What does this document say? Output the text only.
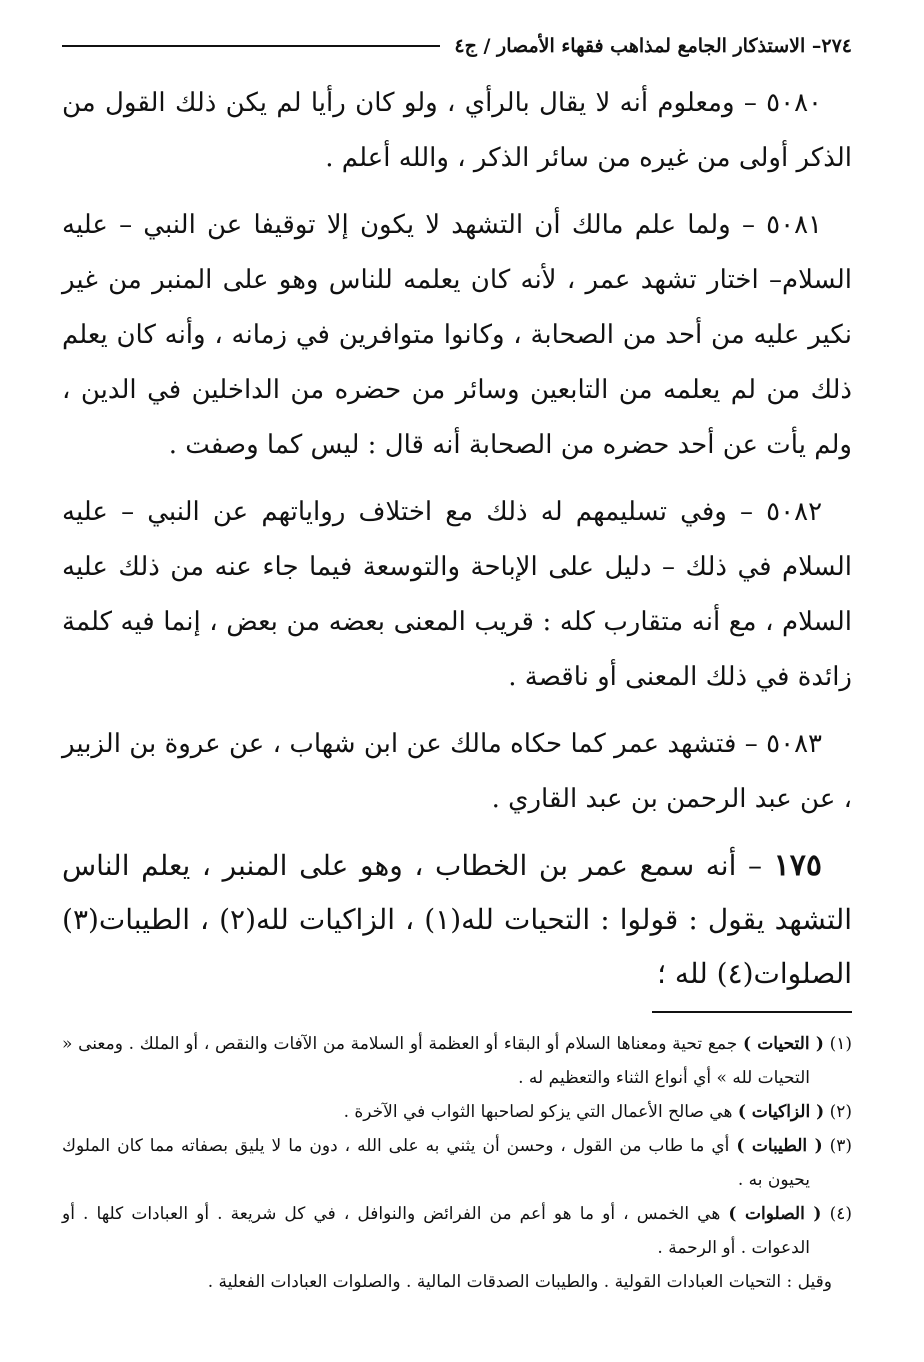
٢٧٤– الاستذكار الجامع لمذاهب فقهاء الأمصار / ج٤

٥٠٨٠ – ومعلوم أنه لا يقال بالرأي ، ولو كان رأيا لم يكن ذلك القول من الذكر أولى من غيره من سائر الذكر ، والله أعلم .

٥٠٨١ – ولما علم مالك أن التشهد لا يكون إلا توقيفا عن النبي – عليه السلام– اختار تشهد عمر ، لأنه كان يعلمه للناس وهو على المنبر من غير نكير عليه من أحد من الصحابة ، وكانوا متوافرين في زمانه ، وأنه كان يعلم ذلك من لم يعلمه من التابعين وسائر من حضره من الداخلين في الدين ، ولم يأت عن أحد حضره من الصحابة أنه قال : ليس كما وصفت .

٥٠٨٢ – وفي تسليمهم له ذلك مع اختلاف رواياتهم عن النبي – عليه السلام في ذلك – دليل على الإباحة والتوسعة فيما جاء عنه من ذلك عليه السلام ، مع أنه متقارب كله : قريب المعنى بعضه من بعض ، إنما فيه كلمة زائدة في ذلك المعنى أو ناقصة .

٥٠٨٣ – فتشهد عمر كما حكاه مالك عن ابن شهاب ، عن عروة بن الزبير ، عن عبد الرحمن بن عبد القاري .

١٧٥ – أنه سمع عمر بن الخطاب ، وهو على المنبر ، يعلم الناس التشهد يقول : قولوا : التحيات لله(١) ، الزاكيات لله(٢) ، الطيبات(٣) الصلوات(٤) لله ؛

(١) ( التحيات ) جمع تحية ومعناها السلام أو البقاء أو العظمة أو السلامة من الآفات والنقص ، أو الملك . ومعنى « التحيات لله » أي أنواع الثناء والتعظيم له .

(٢) ( الزاكيات ) هي صالح الأعمال التي يزكو لصاحبها الثواب في الآخرة .

(٣) ( الطيبات ) أي ما طاب من القول ، وحسن أن يثني به على الله ، دون ما لا يليق بصفاته مما كان الملوك يحيون به .

(٤) ( الصلوات ) هي الخمس ، أو ما هو أعم من الفرائض والنوافل ، في كل شريعة . أو العبادات كلها . أو الدعوات . أو الرحمة .

وقيل : التحيات العبادات القولية . والطيبات الصدقات المالية . والصلوات العبادات الفعلية .
